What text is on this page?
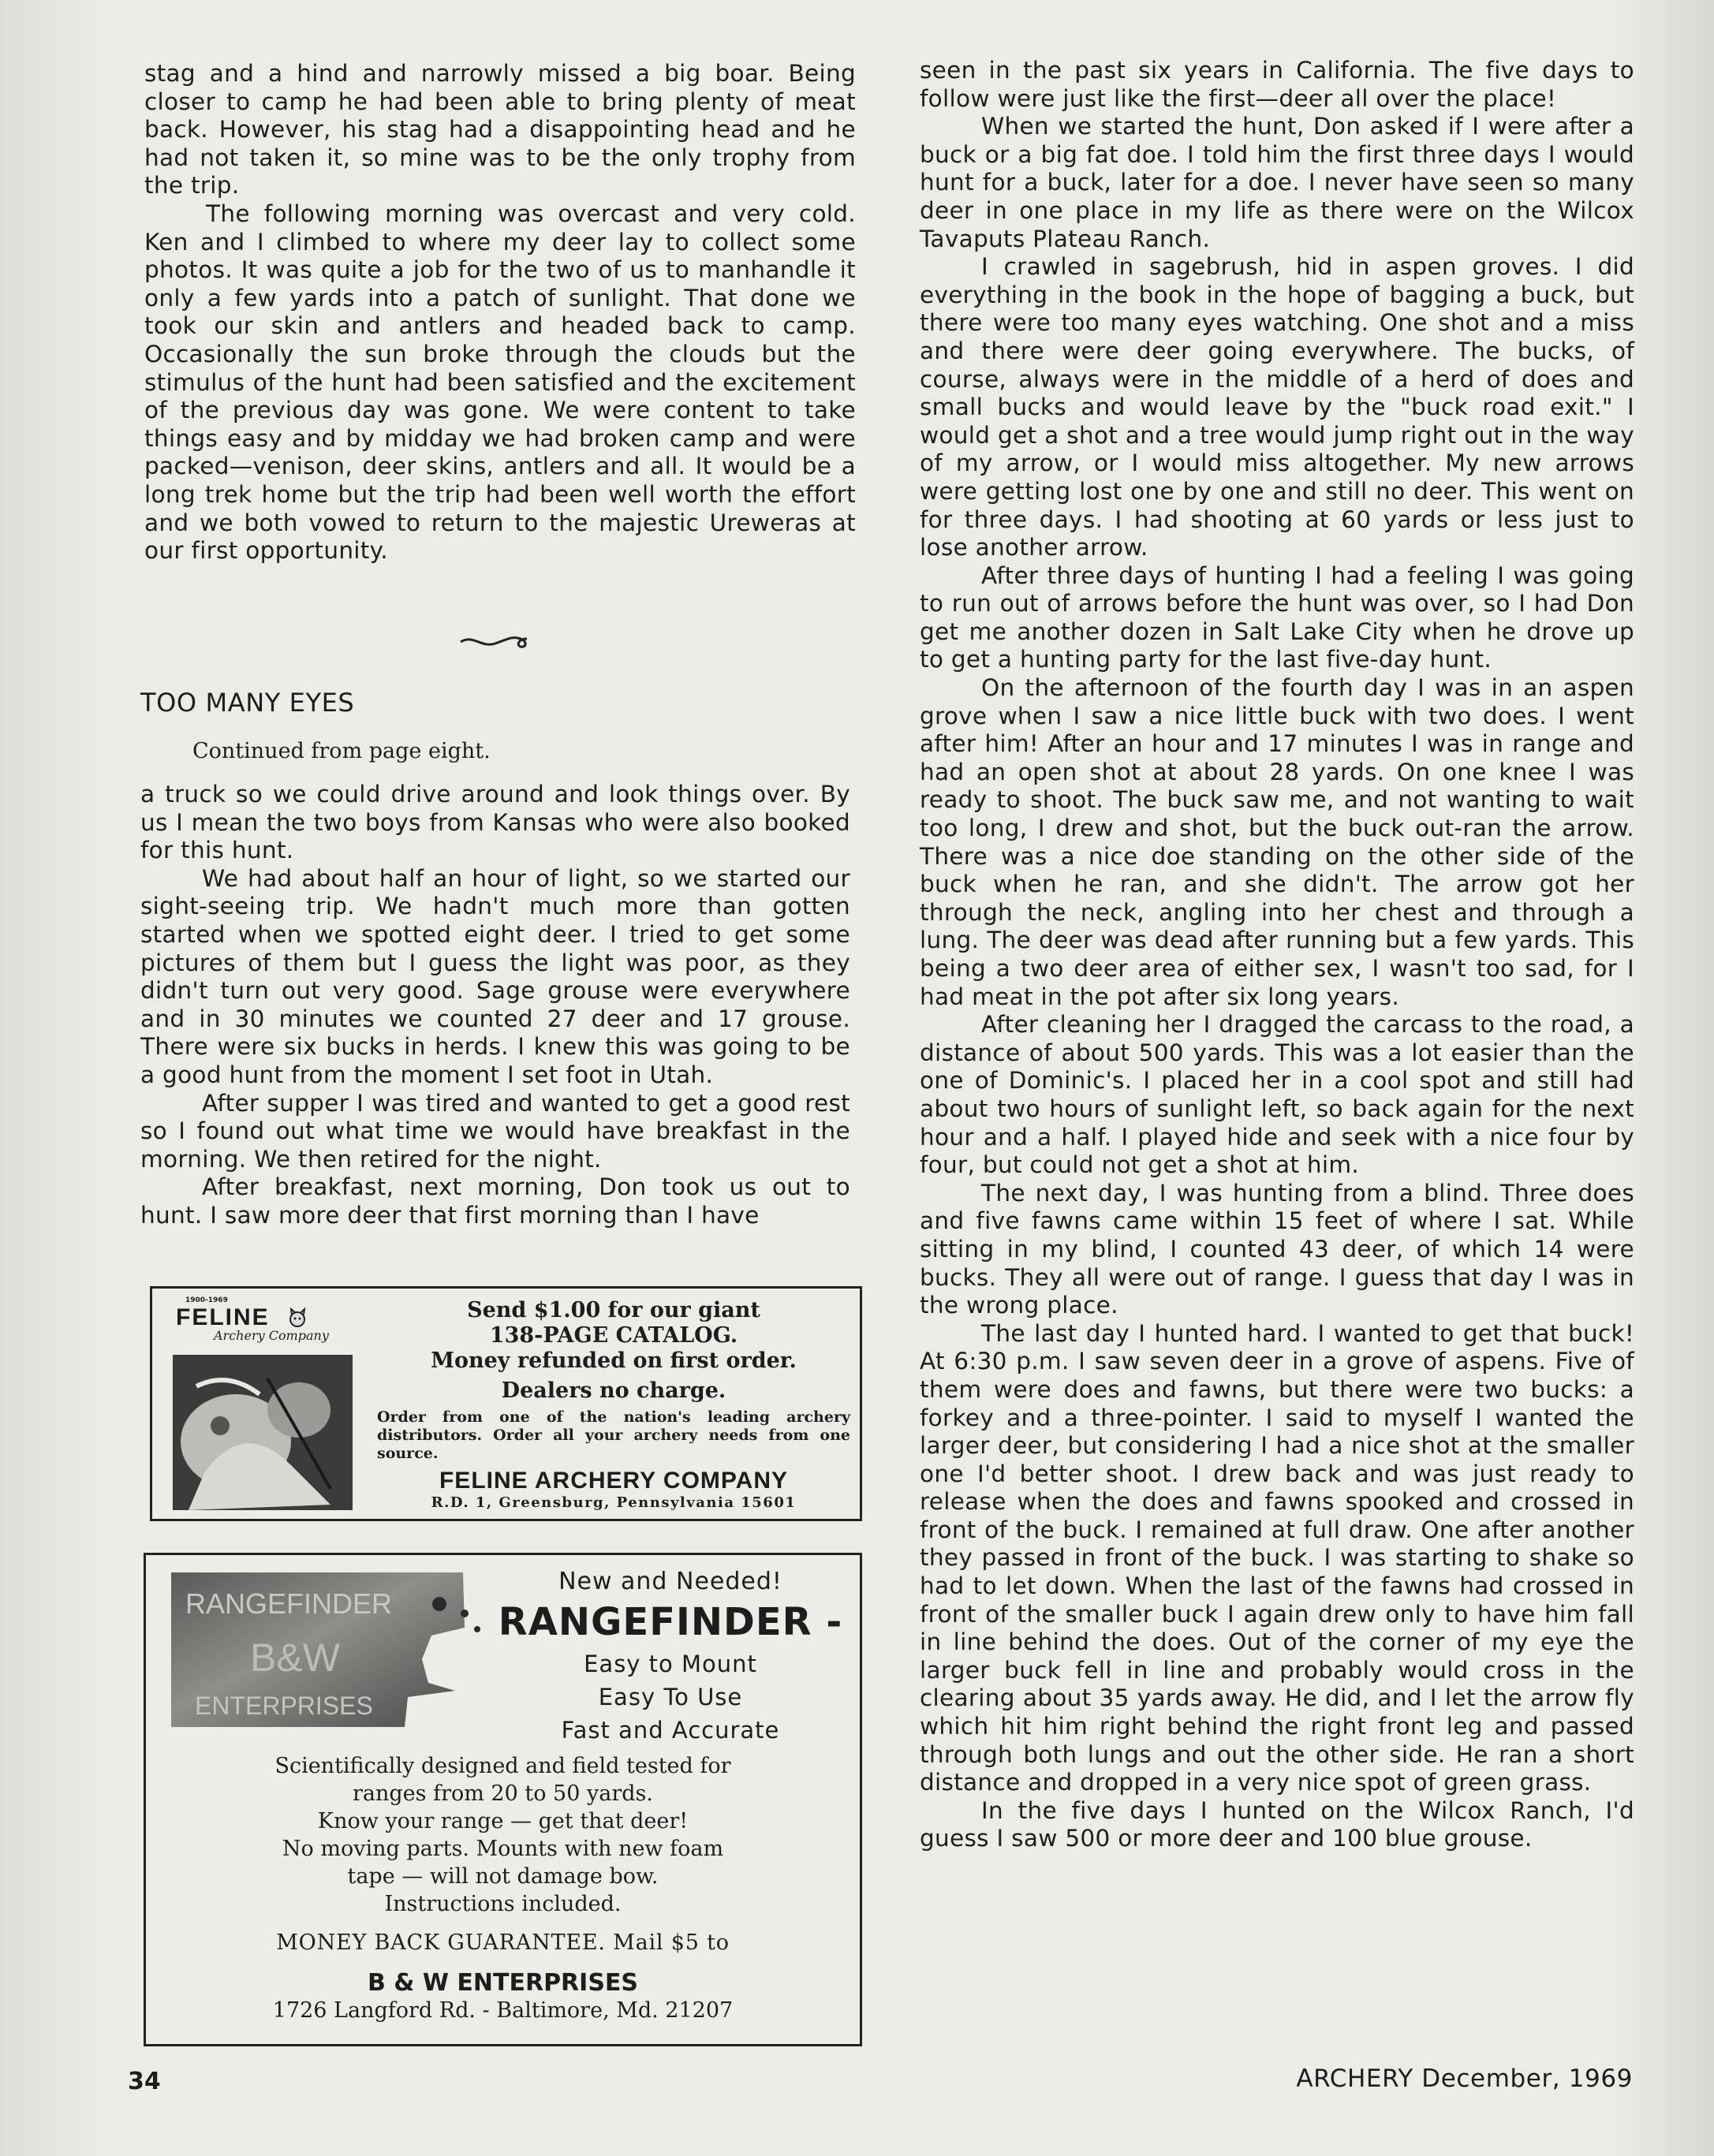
stag and a hind and narrowly missed a big boar. Being closer to camp he had been able to bring plenty of meat back. However, his stag had a disappointing head and he had not taken it, so mine was to be the only trophy from the trip.

The following morning was overcast and very cold. Ken and I climbed to where my deer lay to collect some photos. It was quite a job for the two of us to manhandle it only a few yards into a patch of sunlight. That done we took our skin and antlers and headed back to camp. Occasionally the sun broke through the clouds but the stimulus of the hunt had been satisfied and the excitement of the previous day was gone. We were content to take things easy and by midday we had broken camp and were packed—venison, deer skins, antlers and all. It would be a long trek home but the trip had been well worth the effort and we both vowed to return to the majestic Ureweras at our first opportunity.

TOO MANY EYES
Continued from page eight.

a truck so we could drive around and look things over. By us I mean the two boys from Kansas who were also booked for this hunt.

We had about half an hour of light, so we started our sight-seeing trip. We hadn't much more than gotten started when we spotted eight deer. I tried to get some pictures of them but I guess the light was poor, as they didn't turn out very good. Sage grouse were everywhere and in 30 minutes we counted 27 deer and 17 grouse. There were six bucks in herds. I knew this was going to be a good hunt from the moment I set foot in Utah.

After supper I was tired and wanted to get a good rest so I found out what time we would have breakfast in the morning. We then retired for the night.

After breakfast, next morning, Don took us out to hunt. I saw more deer that first morning than I have

seen in the past six years in California. The five days to follow were just like the first—deer all over the place!

When we started the hunt, Don asked if I were after a buck or a big fat doe. I told him the first three days I would hunt for a buck, later for a doe. I never have seen so many deer in one place in my life as there were on the Wilcox Tavaputs Plateau Ranch.

I crawled in sagebrush, hid in aspen groves. I did everything in the book in the hope of bagging a buck, but there were too many eyes watching. One shot and a miss and there were deer going everywhere. The bucks, of course, always were in the middle of a herd of does and small bucks and would leave by the "buck road exit." I would get a shot and a tree would jump right out in the way of my arrow, or I would miss altogether. My new arrows were getting lost one by one and still no deer. This went on for three days. I had shooting at 60 yards or less just to lose another arrow.

After three days of hunting I had a feeling I was going to run out of arrows before the hunt was over, so I had Don get me another dozen in Salt Lake City when he drove up to get a hunting party for the last five-day hunt.

On the afternoon of the fourth day I was in an aspen grove when I saw a nice little buck with two does. I went after him! After an hour and 17 minutes I was in range and had an open shot at about 28 yards. On one knee I was ready to shoot. The buck saw me, and not wanting to wait too long, I drew and shot, but the buck out-ran the arrow. There was a nice doe standing on the other side of the buck when he ran, and she didn't. The arrow got her through the neck, angling into her chest and through a lung. The deer was dead after running but a few yards. This being a two deer area of either sex, I wasn't too sad, for I had meat in the pot after six long years.

After cleaning her I dragged the carcass to the road, a distance of about 500 yards. This was a lot easier than the one of Dominic's. I placed her in a cool spot and still had about two hours of sunlight left, so back again for the next hour and a half. I played hide and seek with a nice four by four, but could not get a shot at him.

The next day, I was hunting from a blind. Three does and five fawns came within 15 feet of where I sat. While sitting in my blind, I counted 43 deer, of which 14 were bucks. They all were out of range. I guess that day I was in the wrong place.

The last day I hunted hard. I wanted to get that buck! At 6:30 p.m. I saw seven deer in a grove of aspens. Five of them were does and fawns, but there were two bucks: a forkey and a three-pointer. I said to myself I wanted the larger deer, but considering I had a nice shot at the smaller one I'd better shoot. I drew back and was just ready to release when the does and fawns spooked and crossed in front of the buck. I remained at full draw. One after another they passed in front of the buck. I was starting to shake so had to let down. When the last of the fawns had crossed in front of the smaller buck I again drew only to have him fall in line behind the does. Out of the corner of my eye the larger buck fell in line and probably would cross in the clearing about 35 yards away. He did, and I let the arrow fly which hit him right behind the right front leg and passed through both lungs and out the other side. He ran a short distance and dropped in a very nice spot of green grass.

In the five days I hunted on the Wilcox Ranch, I'd guess I saw 500 or more deer and 100 blue grouse.

1900-1969
FELINE
Archery Company
Send $1.00 for our giant
138-PAGE CATALOG.
Money refunded on first order.
Dealers no charge.
Order from one of the nation's leading archery distributors. Order all your archery needs from one source.
FELINE ARCHERY COMPANY
R.D. 1, Greensburg, Pennsylvania 15601
RANGEFINDER
B&W
ENTERPRISES
New and Needed!
RANGEFINDER -
Easy to Mount
Easy To Use
Fast and Accurate
Scientifically designed and field tested for
ranges from 20 to 50 yards.
Know your range — get that deer!
No moving parts. Mounts with new foam
tape — will not damage bow.
Instructions included.
MONEY BACK GUARANTEE. Mail $5 to
B & W ENTERPRISES
1726 Langford Rd. - Baltimore, Md. 21207
34	ARCHERY December, 1969
